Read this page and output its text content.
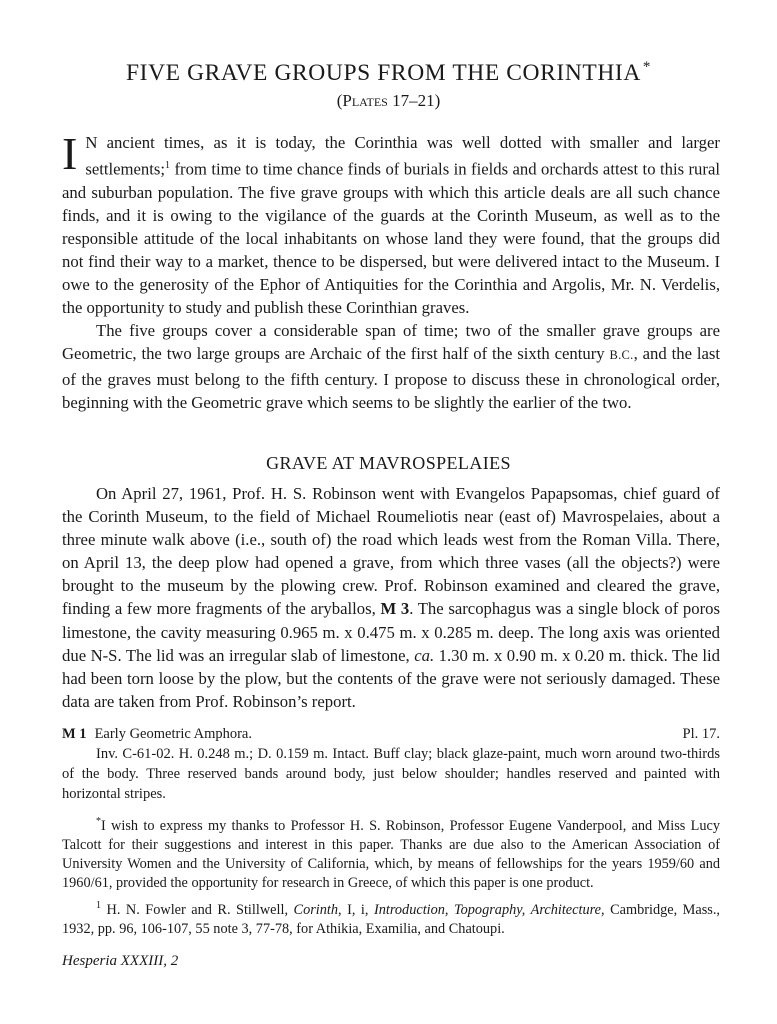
FIVE GRAVE GROUPS FROM THE CORINTHIA *
(Plates 17–21)

I N ancient times, as it is today, the Corinthia was well dotted with smaller and larger settlements;$^1$ from time to time chance finds of burials in fields and orchards attest to this rural and suburban population. The five grave groups with which this article deals are all such chance finds, and it is owing to the vigilance of the guards at the Corinth Museum, as well as to the responsible attitude of the local inhabitants on whose land they were found, that the groups did not find their way to a market, thence to be dispersed, but were delivered intact to the Museum. I owe to the generosity of the Ephor of Antiquities for the Corinthia and Argolis, Mr. N. Verdelis, the opportunity to study and publish these Corinthian graves.

The five groups cover a considerable span of time; two of the smaller grave groups are Geometric, the two large groups are Archaic of the first half of the sixth century B.C., and the last of the graves must belong to the fifth century. I propose to discuss these in chronological order, beginning with the Geometric grave which seems to be slightly the earlier of the two.

GRAVE AT MAVROSPELAIES

On April 27, 1961, Prof. H. S. Robinson went with Evangelos Papapsomas, chief guard of the Corinth Museum, to the field of Michael Roumeliotis near (east of) Mavrospelaies, about a three minute walk above (i.e., south of) the road which leads west from the Roman Villa. There, on April 13, the deep plow had opened a grave, from which three vases (all the objects?) were brought to the museum by the plowing crew. Prof. Robinson examined and cleared the grave, finding a few more fragments of the aryballos, M 3. The sarcophagus was a single block of poros limestone, the cavity measuring 0.965 m. x 0.475 m. x 0.285 m. deep. The long axis was oriented due N-S. The lid was an irregular slab of limestone, ca. 1.30 m. x 0.90 m. x 0.20 m. thick. The lid had been torn loose by the plow, but the contents of the grave were not seriously damaged. These data are taken from Prof. Robinson’s report.

M 1 Early Geometric Amphora.	Pl. 17.
Inv. C-61-02. H. 0.248 m.; D. 0.159 m. Intact. Buff clay; black glaze-paint, much worn around two-thirds of the body. Three reserved bands around body, just below shoulder; handles reserved and painted with horizontal stripes.

*I wish to express my thanks to Professor H. S. Robinson, Professor Eugene Vanderpool, and Miss Lucy Talcott for their suggestions and interest in this paper. Thanks are due also to the American Association of University Women and the University of California, which, by means of fellowships for the years 1959/60 and 1960/61, provided the opportunity for research in Greece, of which this paper is one product.

$^1$ H. N. Fowler and R. Stillwell, Corinth, I, i, Introduction, Topography, Architecture, Cambridge, Mass., 1932, pp. 96, 106-107, 55 note 3, 77-78, for Athikia, Examilia, and Chatoupi.

Hesperia XXXIII, 2
